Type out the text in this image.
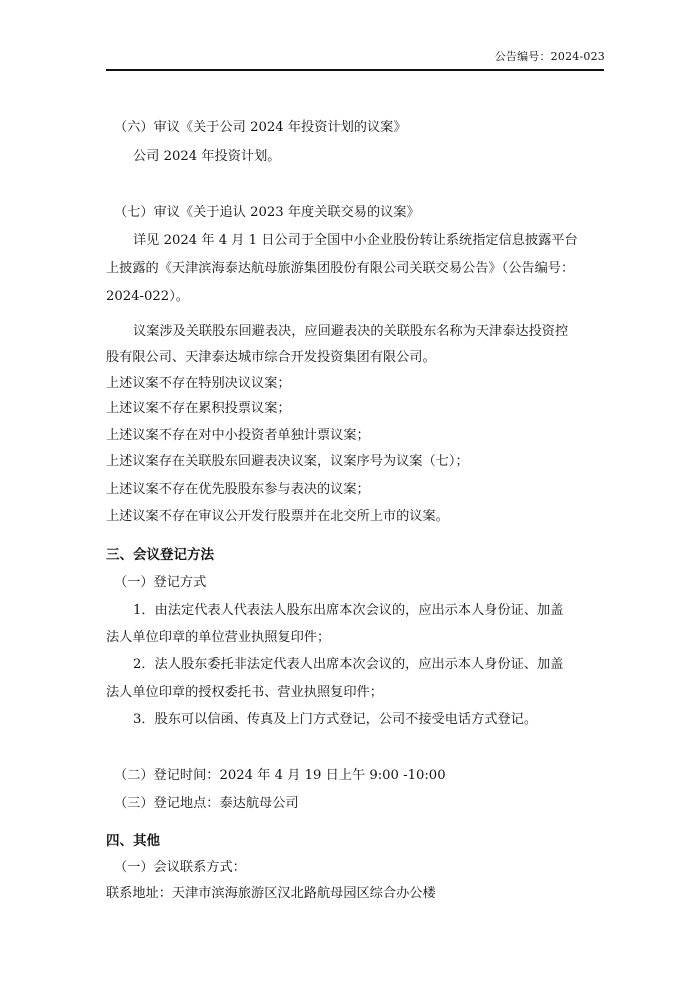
公告编号：2024-023
（六）审议《关于公司 2024 年投资计划的议案》
公司 2024 年投资计划。
（七）审议《关于追认 2023 年度关联交易的议案》
详见 2024 年 4 月 1 日公司于全国中小企业股份转让系统指定信息披露平台
上披露的《天津滨海泰达航母旅游集团股份有限公司关联交易公告》（公告编号：
2024-022）。
议案涉及关联股东回避表决，应回避表决的关联股东名称为天津泰达投资控
股有限公司、天津泰达城市综合开发投资集团有限公司。
上述议案不存在特别决议议案；
上述议案不存在累积投票议案；
上述议案不存在对中小投资者单独计票议案；
上述议案存在关联股东回避表决议案，议案序号为议案（七）；
上述议案不存在优先股股东参与表决的议案；
上述议案不存在审议公开发行股票并在北交所上市的议案。
三、会议登记方法
（一）登记方式
1．由法定代表人代表法人股东出席本次会议的，应出示本人身份证、加盖
法人单位印章的单位营业执照复印件；
2．法人股东委托非法定代表人出席本次会议的，应出示本人身份证、加盖
法人单位印章的授权委托书、营业执照复印件；
3．股东可以信函、传真及上门方式登记，公司不接受电话方式登记。
（二）登记时间：2024 年 4 月 19 日上午 9:00 -10:00
（三）登记地点：泰达航母公司
四、其他
（一）会议联系方式：
联系地址：天津市滨海旅游区汉北路航母园区综合办公楼
